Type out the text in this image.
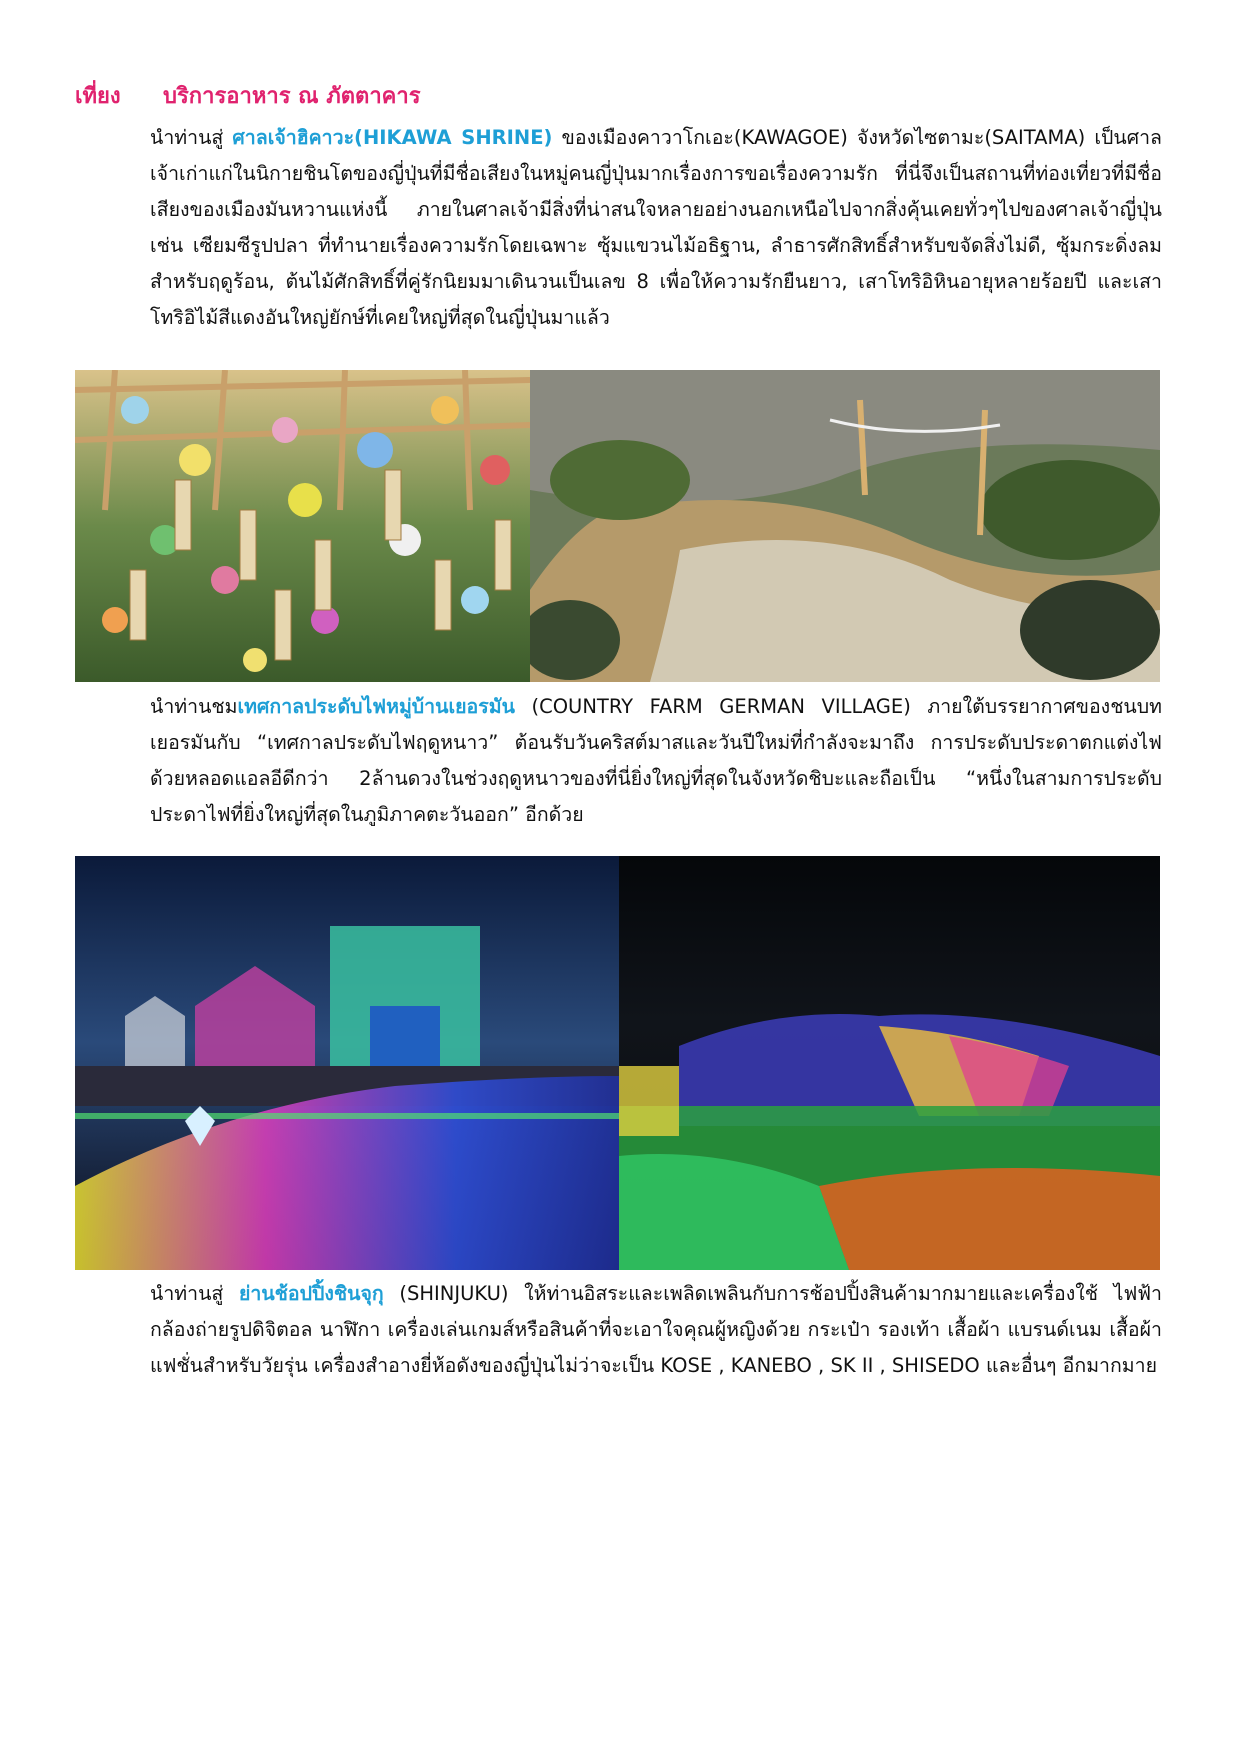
เที่ยง บริการอาหาร ณ ภัตตาคาร

นำท่านสู่ ศาลเจ้าฮิคาวะ(HIKAWA SHRINE) ของเมืองคาวาโกเอะ(KAWAGOE) จังหวัดไซตามะ(SAITAMA) เป็นศาลเจ้าเก่าแก่ในนิกายชินโตของญี่ปุ่นที่มีชื่อเสียงในหมู่คนญี่ปุ่นมากเรื่องการขอเรื่องความรัก ที่นี่จึงเป็นสถานที่ท่องเที่ยวที่มีชื่อเสียงของเมืองมันหวานแห่งนี้ ภายในศาลเจ้ามีสิ่งที่น่าสนใจหลายอย่างนอกเหนือไปจากสิ่งคุ้นเคยทั่วๆไปของศาลเจ้าญี่ปุ่น เช่น เซียมซีรูปปลา ที่ทำนายเรื่องความรักโดยเฉพาะ ซุ้มแขวนไม้อธิฐาน, ลำธารศักสิทธิ์สำหรับขจัดสิ่งไม่ดี, ซุ้มกระดิ่งลมสำหรับฤดูร้อน, ต้นไม้ศักสิทธิ์ที่คู่รักนิยมมาเดินวนเป็นเลข 8 เพื่อให้ความรักยืนยาว, เสาโทริอิหินอายุหลายร้อยปี และเสาโทริอิไม้สีแดงอันใหญ่ยักษ์ที่เคยใหญ่ที่สุดในญี่ปุ่นมาแล้ว

นำท่านชมเทศกาลประดับไฟหมู่บ้านเยอรมัน (COUNTRY FARM GERMAN VILLAGE) ภายใต้บรรยากาศของชนบทเยอรมันกับ “เทศกาลประดับไฟฤดูหนาว” ต้อนรับวันคริสต์มาสและวันปีใหม่ที่กำลังจะมาถึง การประดับประดาตกแต่งไฟด้วยหลอดแอลอีดีกว่า 2ล้านดวงในช่วงฤดูหนาวของที่นี่ยิ่งใหญ่ที่สุดในจังหวัดชิบะและถือเป็น “หนึ่งในสามการประดับประดาไฟที่ยิ่งใหญ่ที่สุดในภูมิภาคตะวันออก” อีกด้วย

นำท่านสู่ ย่านช้อปปิ้งชินจุกุ (SHINJUKU) ให้ท่านอิสระและเพลิดเพลินกับการช้อปปิ้งสินค้ามากมายและเครื่องใช้ ไฟฟ้า กล้องถ่ายรูปดิจิตอล นาฬิกา เครื่องเล่นเกมส์หรือสินค้าที่จะเอาใจคุณผู้หญิงด้วย กระเป๋า รองเท้า เสื้อผ้า แบรนด์เนม เสื้อผ้าแฟชั่นสำหรับวัยรุ่น เครื่องสำอางยี่ห้อดังของญี่ปุ่นไม่ว่าจะเป็น KOSE , KANEBO , SK II , SHISEDO และอื่นๆ อีกมากมาย
